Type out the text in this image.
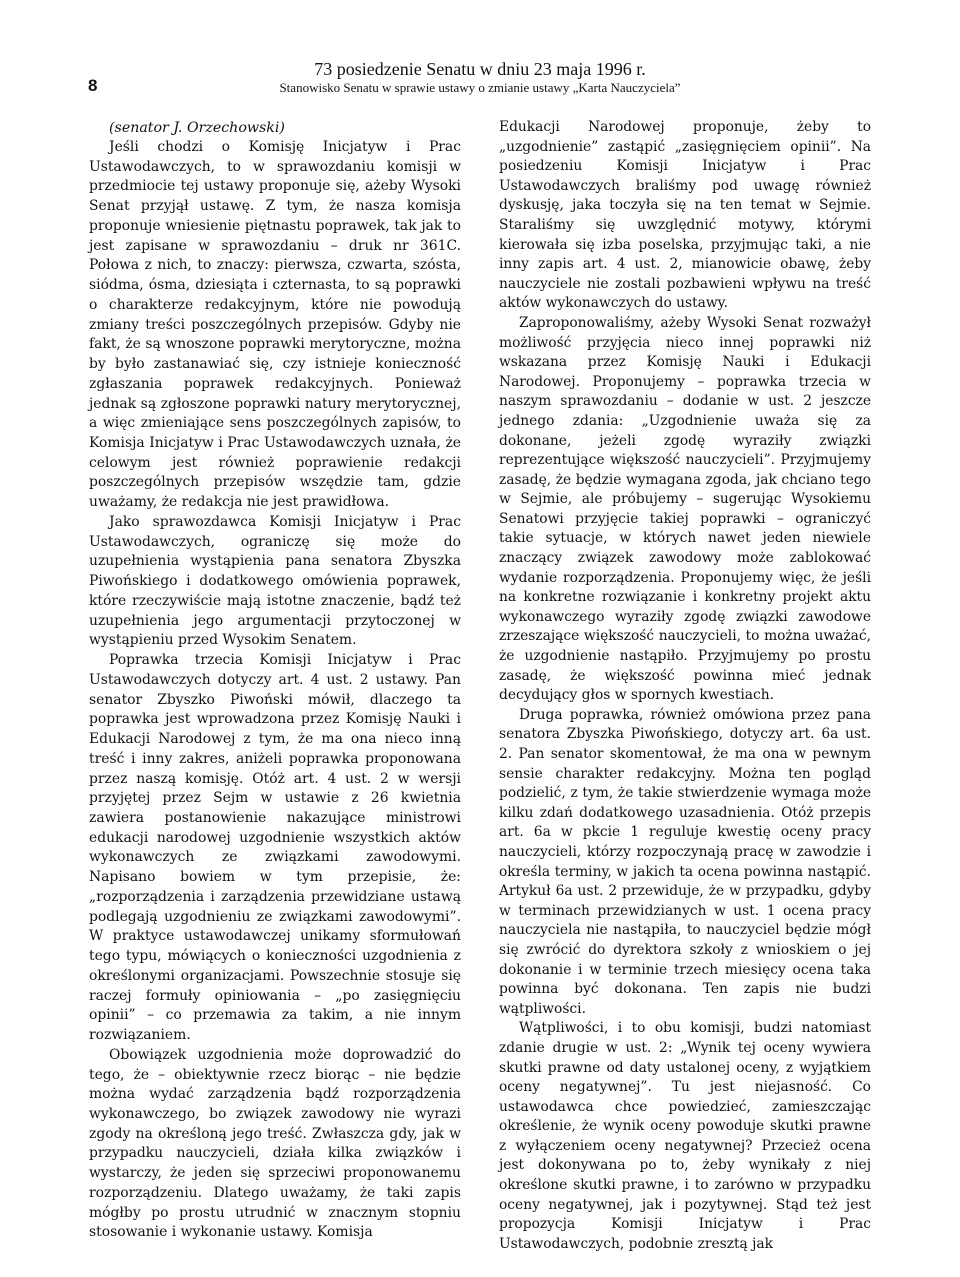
8

73 posiedzenie Senatu w dniu 23 maja 1996 r.

Stanowisko Senatu w sprawie ustawy o zmianie ustawy „Karta Nauczyciela”

(senator J. Orzechowski)

Jeśli chodzi o Komisję Inicjatyw i Prac Ustawodawczych, to w sprawozdaniu komisji w przedmiocie tej ustawy proponuje się, ażeby Wysoki Senat przyjął ustawę. Z tym, że nasza komisja proponuje wniesienie piętnastu poprawek, tak jak to jest zapisane w sprawozdaniu – druk nr 361C. Połowa z nich, to znaczy: pierwsza, czwarta, szósta, siódma, ósma, dziesiąta i czternasta, to są poprawki o charakterze redakcyjnym, które nie powodują zmiany treści poszczególnych przepisów. Gdyby nie fakt, że są wnoszone poprawki merytoryczne, można by było zastanawiać się, czy istnieje konieczność zgłaszania poprawek redakcyjnych. Ponieważ jednak są zgłoszone poprawki natury merytorycznej, a więc zmieniające sens poszczególnych zapisów, to Komisja Inicjatyw i Prac Ustawodawczych uznała, że celowym jest również poprawienie redakcji poszczególnych przepisów wszędzie tam, gdzie uważamy, że redakcja nie jest prawidłowa.

Jako sprawozdawca Komisji Inicjatyw i Prac Ustawodawczych, ograniczę się może do uzupełnienia wystąpienia pana senatora Zbyszka Piwońskiego i dodatkowego omówienia poprawek, które rzeczywiście mają istotne znaczenie, bądź też uzupełnienia jego argumentacji przytoczonej w wystąpieniu przed Wysokim Senatem.

Poprawka trzecia Komisji Inicjatyw i Prac Ustawodawczych dotyczy art. 4 ust. 2 ustawy. Pan senator Zbyszko Piwoński mówił, dlaczego ta poprawka jest wprowadzona przez Komisję Nauki i Edukacji Narodowej z tym, że ma ona nieco inną treść i inny zakres, aniżeli poprawka proponowana przez naszą komisję. Otóż art. 4 ust. 2 w wersji przyjętej przez Sejm w ustawie z 26 kwietnia zawiera postanowienie nakazujące ministrowi edukacji narodowej uzgodnienie wszystkich aktów wykonawczych ze związkami zawodowymi. Napisano bowiem w tym przepisie, że: „rozporządzenia i zarządzenia przewidziane ustawą podlegają uzgodnieniu ze związkami zawodowymi”. W praktyce ustawodawczej unikamy sformułowań tego typu, mówiących o konieczności uzgodnienia z określonymi organizacjami. Powszechnie stosuje się raczej formuły opiniowania – „po zasięgnięciu opinii” – co przemawia za takim, a nie innym rozwiązaniem.

Obowiązek uzgodnienia może doprowadzić do tego, że – obiektywnie rzecz biorąc – nie będzie można wydać zarządzenia bądź rozporządzenia wykonawczego, bo związek zawodowy nie wyrazi zgody na określoną jego treść. Zwłaszcza gdy, jak w przypadku nauczycieli, działa kilka związków i wystarczy, że jeden się sprzeciwi proponowanemu rozporządzeniu. Dlatego uważamy, że taki zapis mógłby po prostu utrudnić w znacznym stopniu stosowanie i wykonanie ustawy. Komisja

Edukacji Narodowej proponuje, żeby to „uzgodnienie” zastąpić „zasięgnięciem opinii”. Na posiedzeniu Komisji Inicjatyw i Prac Ustawodawczych braliśmy pod uwagę również dyskusję, jaka toczyła się na ten temat w Sejmie. Staraliśmy się uwzględnić motywy, którymi kierowała się izba poselska, przyjmując taki, a nie inny zapis art. 4 ust. 2, mianowicie obawę, żeby nauczyciele nie zostali pozbawieni wpływu na treść aktów wykonawczych do ustawy.

Zaproponowaliśmy, ażeby Wysoki Senat rozważył możliwość przyjęcia nieco innej poprawki niż wskazana przez Komisję Nauki i Edukacji Narodowej. Proponujemy – poprawka trzecia w naszym sprawozdaniu – dodanie w ust. 2 jeszcze jednego zdania: „Uzgodnienie uważa się za dokonane, jeżeli zgodę wyraziły związki reprezentujące większość nauczycieli”. Przyjmujemy zasadę, że będzie wymagana zgoda, jak chciano tego w Sejmie, ale próbujemy – sugerując Wysokiemu Senatowi przyjęcie takiej poprawki – ograniczyć takie sytuacje, w których nawet jeden niewiele znaczący związek zawodowy może zablokować wydanie rozporządzenia. Proponujemy więc, że jeśli na konkretne rozwiązanie i konkretny projekt aktu wykonawczego wyraziły zgodę związki zawodowe zrzeszające większość nauczycieli, to można uważać, że uzgodnienie nastąpiło. Przyjmujemy po prostu zasadę, że większość powinna mieć jednak decydujący głos w spornych kwestiach.

Druga poprawka, również omówiona przez pana senatora Zbyszka Piwońskiego, dotyczy art. 6a ust. 2. Pan senator skomentował, że ma ona w pewnym sensie charakter redakcyjny. Można ten pogląd podzielić, z tym, że takie stwierdzenie wymaga może kilku zdań dodatkowego uzasadnienia. Otóż przepis art. 6a w pkcie 1 reguluje kwestię oceny pracy nauczycieli, którzy rozpoczynają pracę w zawodzie i określa terminy, w jakich ta ocena powinna nastąpić. Artykuł 6a ust. 2 przewiduje, że w przypadku, gdyby w terminach przewidzianych w ust. 1 ocena pracy nauczyciela nie nastąpiła, to nauczyciel będzie mógł się zwrócić do dyrektora szkoły z wnioskiem o jej dokonanie i w terminie trzech miesięcy ocena taka powinna być dokonana. Ten zapis nie budzi wątpliwości.

Wątpliwości, i to obu komisji, budzi natomiast zdanie drugie w ust. 2: „Wynik tej oceny wywiera skutki prawne od daty ustalonej oceny, z wyjątkiem oceny negatywnej”. Tu jest niejasność. Co ustawodawca chce powiedzieć, zamieszczając określenie, że wynik oceny powoduje skutki prawne z wyłączeniem oceny negatywnej? Przecież ocena jest dokonywana po to, żeby wynikały z niej określone skutki prawne, i to zarówno w przypadku oceny negatywnej, jak i pozytywnej. Stąd też jest propozycja Komisji Inicjatyw i Prac Ustawodawczych, podobnie zresztą jak
